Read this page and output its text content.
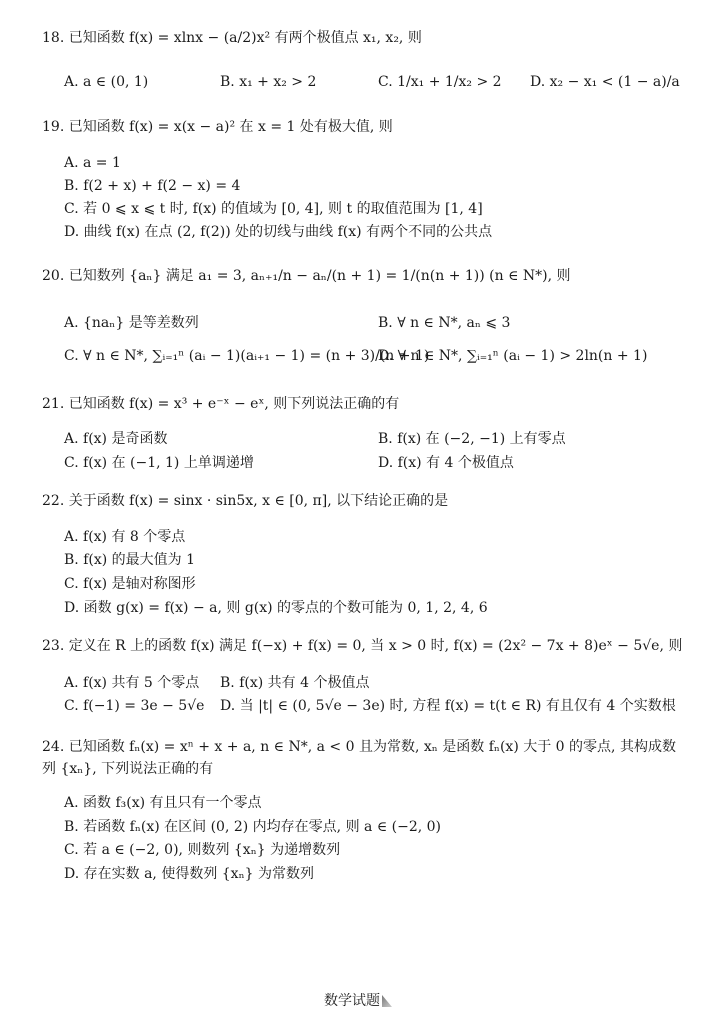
18. 已知函数 f(x) = xlnx − (a/2)x² 有两个极值点 x₁, x₂, 则
A. a ∈ (0, 1)	B. x₁ + x₂ > 2	C. 1/x₁ + 1/x₂ > 2 D. x₂ − x₁ < (1 − a)/a
19. 已知函数 f(x) = x(x − a)² 在 x = 1 处有极大值, 则
A. a = 1
B. f(2 + x) + f(2 − x) = 4
C. 若 0 ⩽ x ⩽ t 时, f(x) 的值域为 [0, 4], 则 t 的取值范围为 [1, 4]
D. 曲线 f(x) 在点 (2, f(2)) 处的切线与曲线 f(x) 有两个不同的公共点
20. 已知数列 {aₙ} 满足 a₁ = 3, aₙ₊₁/n − aₙ/(n + 1) = 1/(n(n + 1)) (n ∈ N*), 则
A. {naₙ} 是等差数列	B. ∀ n ∈ N*, aₙ ⩽ 3
C. ∀ n ∈ N*, ∑ᵢ₌₁ⁿ (aᵢ − 1)(aᵢ₊₁ − 1) = (n + 3)/(n + 1)
D. ∀ n ∈ N*, ∑ᵢ₌₁ⁿ (aᵢ − 1) > 2ln(n + 1)
21. 已知函数 f(x) = x³ + e⁻ˣ − eˣ, 则下列说法正确的有
A. f(x) 是奇函数	B. f(x) 在 (−2, −1) 上有零点
C. f(x) 在 (−1, 1) 上单调递增	D. f(x) 有 4 个极值点
22. 关于函数 f(x) = sinx · sin5x, x ∈ [0, π], 以下结论正确的是
A. f(x) 有 8 个零点
B. f(x) 的最大值为 1
C. f(x) 是轴对称图形
D. 函数 g(x) = f(x) − a, 则 g(x) 的零点的个数可能为 0, 1, 2, 4, 6
23. 定义在 R 上的函数 f(x) 满足 f(−x) + f(x) = 0, 当 x > 0 时, f(x) = (2x² − 7x + 8)eˣ − 5√e, 则
A. f(x) 共有 5 个零点 B. f(x) 共有 4 个极值点
C. f(−1) = 3e − 5√e D. 当 |t| ∈ (0, 5√e − 3e) 时, 方程 f(x) = t(t ∈ R) 有且仅有 4 个实数根
24. 已知函数 fₙ(x) = xⁿ + x + a, n ∈ N*, a < 0 且为常数, xₙ 是函数 fₙ(x) 大于 0 的零点, 其构成数列 {xₙ}, 下列说法正确的有
A. 函数 f₃(x) 有且只有一个零点
B. 若函数 fₙ(x) 在区间 (0, 2) 内均存在零点, 则 a ∈ (−2, 0)
C. 若 a ∈ (−2, 0), 则数列 {xₙ} 为递增数列
D. 存在实数 a, 使得数列 {xₙ} 为常数列
数学试题
